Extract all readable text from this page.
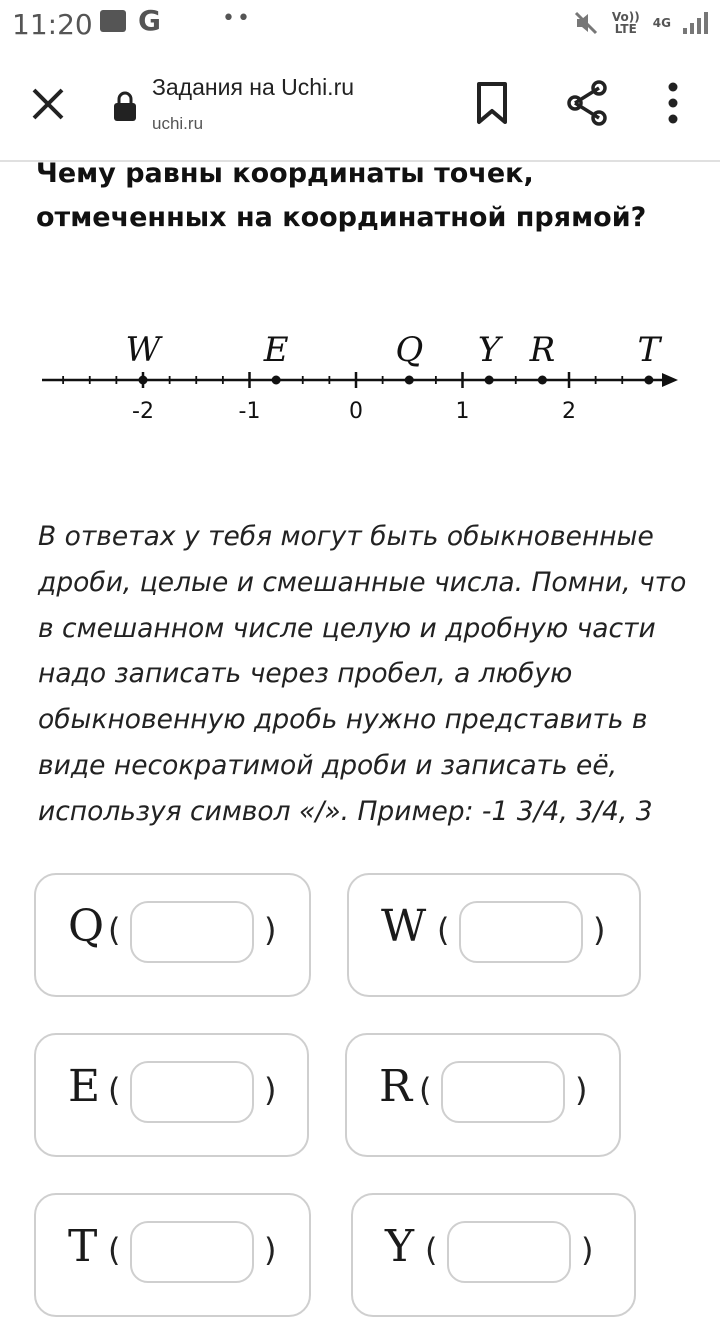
11:20 G	••	Vo)) LTE	4G
Задания на Uchi.ru
uchi.ru
Чему равны координаты точек,
отмеченных на координатной прямой?
-2	-1	0	1	2
W	E	Q Y R T
В ответах у тебя могут быть обыкновенные
дроби, целые и смешанные числа. Помни, что
в смешанном числе целую и дробную части
надо записать через пробел, а любую
обыкновенную дробь нужно представить в
виде несократимой дроби и записать её,
используя символ «/». Пример: -1 3/4, 3/4, 3
Q (	) W (	)
E (	) R (	)
T (	) Y (	)
